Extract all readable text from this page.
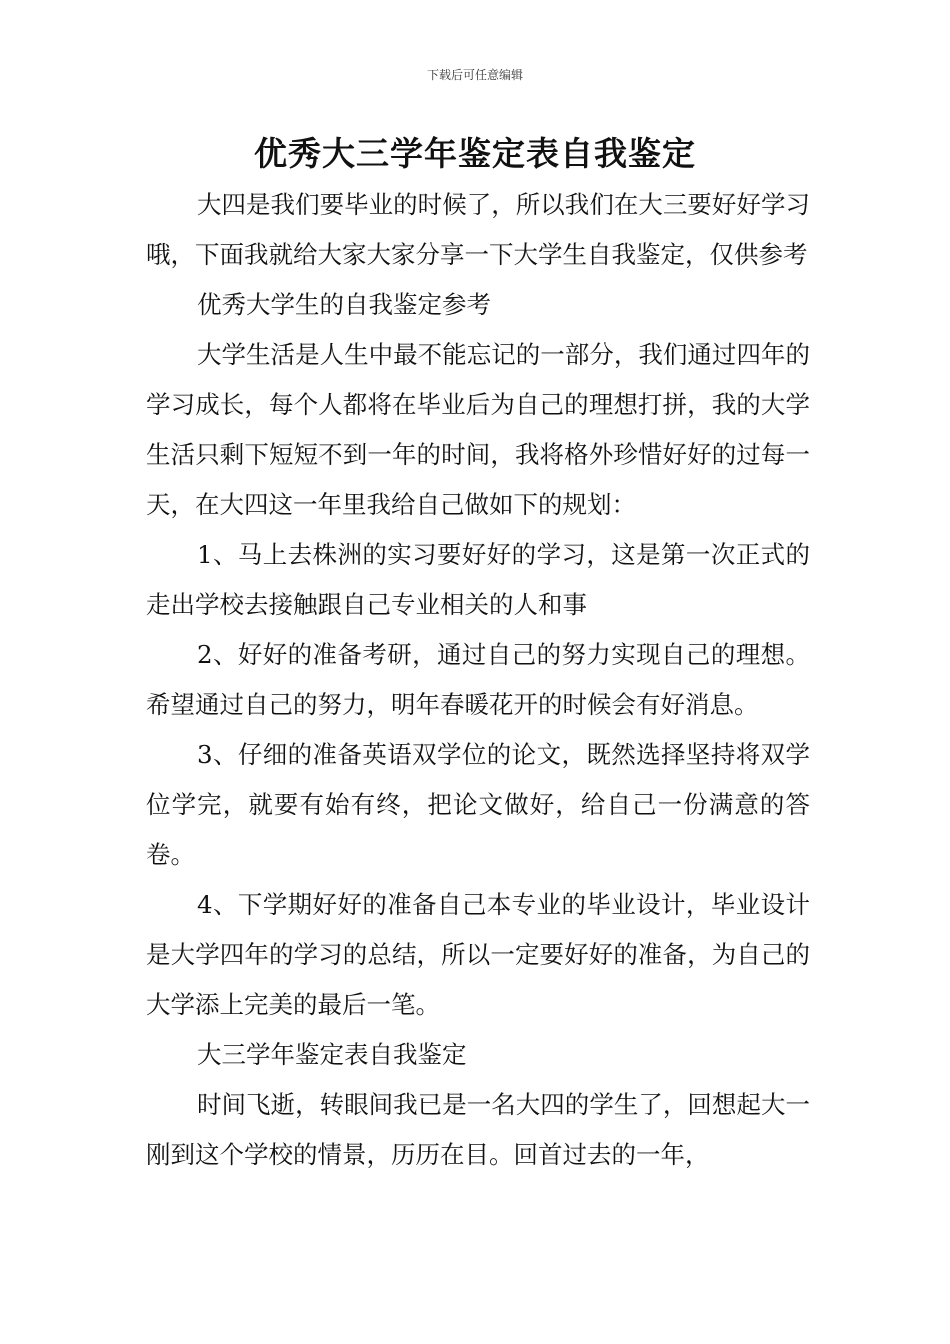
下载后可任意编辑
优秀大三学年鉴定表自我鉴定

大四是我们要毕业的时候了，所以我们在大三要好好学习哦，下面我就给大家大家分享一下大学生自我鉴定，仅供参考

优秀大学生的自我鉴定参考

大学生活是人生中最不能忘记的一部分，我们通过四年的学习成长，每个人都将在毕业后为自己的理想打拼，我的大学生活只剩下短短不到一年的时间，我将格外珍惜好好的过每一天，在大四这一年里我给自己做如下的规划：

1、马上去株洲的实习要好好的学习，这是第一次正式的走出学校去接触跟自己专业相关的人和事

2、好好的准备考研，通过自己的努力实现自己的理想。希望通过自己的努力，明年春暖花开的时候会有好消息。

3、仔细的准备英语双学位的论文，既然选择坚持将双学位学完，就要有始有终，把论文做好，给自己一份满意的答卷。

4、下学期好好的准备自己本专业的毕业设计，毕业设计是大学四年的学习的总结，所以一定要好好的准备，为自己的大学添上完美的最后一笔。

大三学年鉴定表自我鉴定

时间飞逝，转眼间我已是一名大四的学生了，回想起大一刚到这个学校的情景，历历在目。回首过去的一年，
